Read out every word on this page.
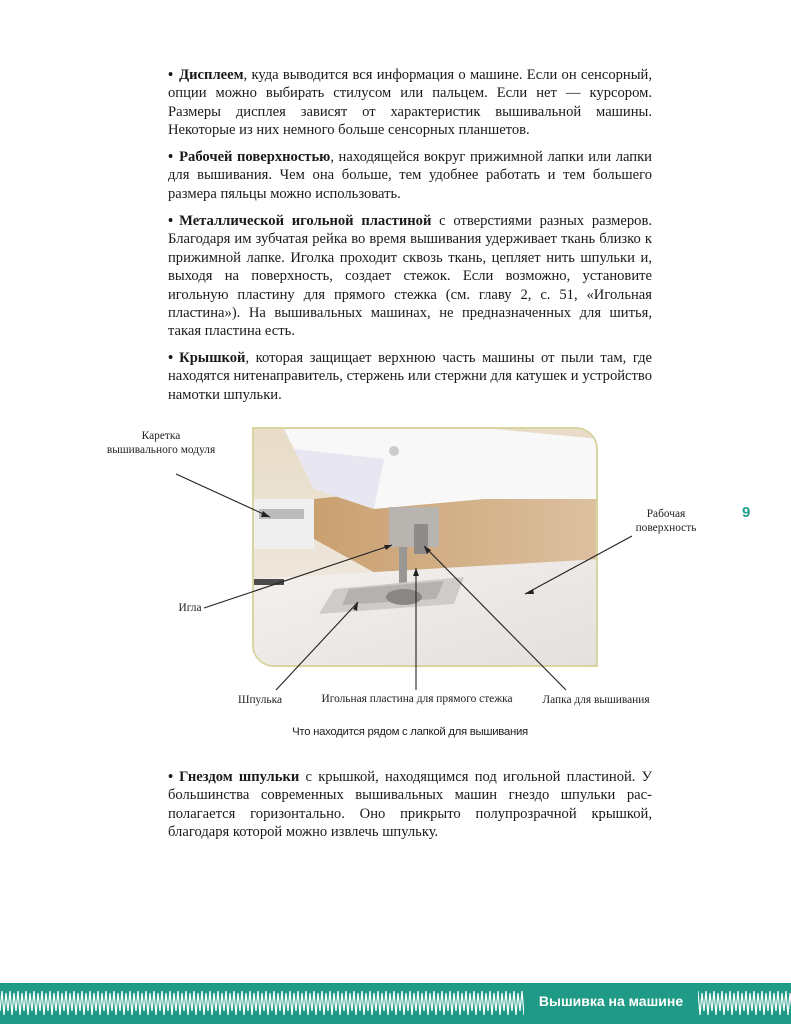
• Дисплеем, куда выводится вся информация о машине. Если он сенсорный, опции можно выбирать стилусом или пальцем. Если нет — курсором. Размеры дисплея зависят от характеристик вышивальной машины. Некоторые из них немного больше сенсорных планшетов.

• Рабочей поверхностью, находящейся вокруг прижимной лапки или лапки для вышивания. Чем она больше, тем удобнее работать и тем большего размера пяльцы можно использовать.

• Металлической игольной пластиной с отверстиями разных размеров. Благодаря им зубчатая рейка во время вышивания удерживает ткань близко к прижимной лапке. Иголка проходит сквозь ткань, цепляет нить шпульки и, выходя на поверхность, создает стежок. Если возможно, установите игольную пластину для прямого стежка (см. главу 2, с. 51, «Игольная пластина»). На вышивальных машинах, не предназначенных для шитья, такая пластина есть.

• Крышкой, которая защищает верхнюю часть машины от пыли там, где находятся нитенаправитель, стержень или стержни для катушек и устройство намотки шпульки.

• Гнездом шпульки с крышкой, находящимся под игольной пластиной. У большинства современных вышивальных машин гнездо шпульки располагается горизонтально. Оно прикрыто полупрозрачной крышкой, благодаря которой можно извлечь шпульку.

Каретка вышивального модуля

Рабочая поверхность

Игла

Шпулька	Игольная пластина для прямого стежка	Лапка для вышивания

Что находится рядом с лапкой для вышивания
9
Вышивка на машине
